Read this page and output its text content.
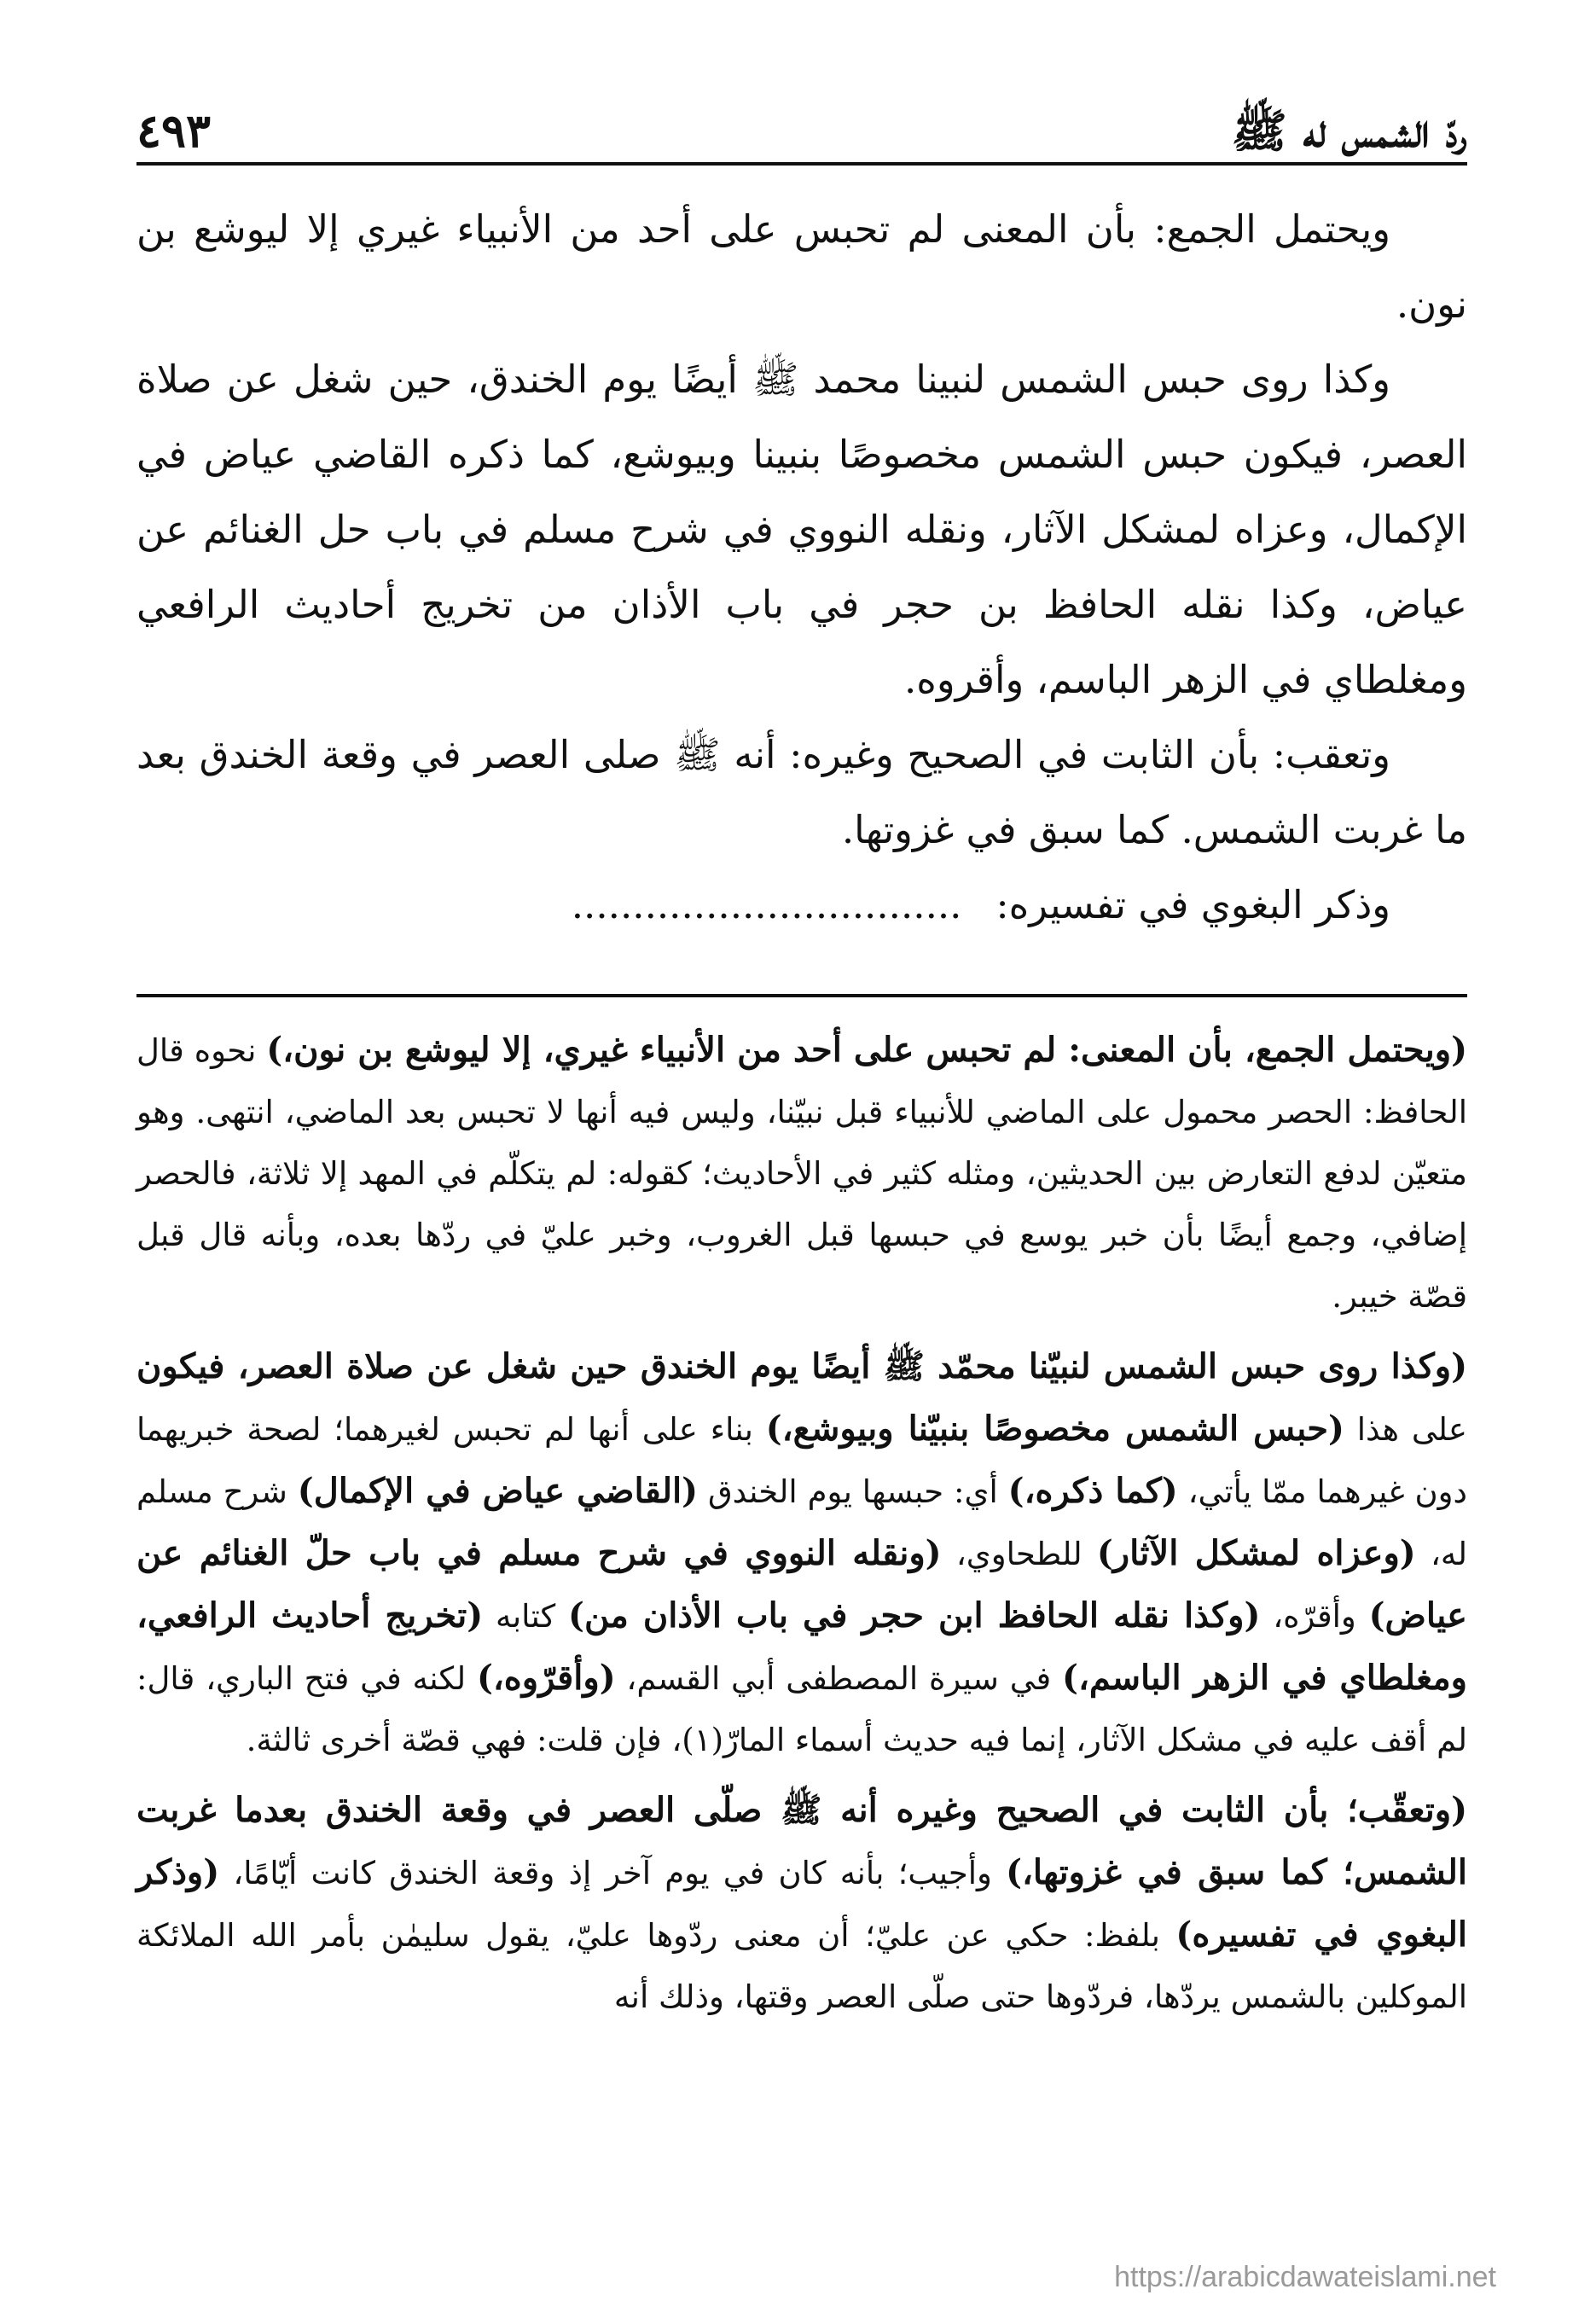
ردّ الشمس له ﷺ
٤٩٣

ويحتمل الجمع: بأن المعنى لم تحبس على أحد من الأنبياء غيري إلا ليوشع بن نون.

وكذا روى حبس الشمس لنبينا محمد ﷺ أيضًا يوم الخندق، حين شغل عن صلاة العصر، فيكون حبس الشمس مخصوصًا بنبينا وبيوشع، كما ذكره القاضي عياض في الإكمال، وعزاه لمشكل الآثار، ونقله النووي في شرح مسلم في باب حل الغنائم عن عياض، وكذا نقله الحافظ بن حجر في باب الأذان من تخريج أحاديث الرافعي ومغلطاي في الزهر الباسم، وأقروه.

وتعقب: بأن الثابت في الصحيح وغيره: أنه ﷺ صلى العصر في وقعة الخندق بعد ما غربت الشمس. كما سبق في غزوتها.

وذكر البغوي في تفسيره:................................

(ويحتمل الجمع، بأن المعنى: لم تحبس على أحد من الأنبياء غيري، إلا ليوشع بن نون،) نحوه قال الحافظ: الحصر محمول على الماضي للأنبياء قبل نبيّنا، وليس فيه أنها لا تحبس بعد الماضي، انتهى. وهو متعيّن لدفع التعارض بين الحديثين، ومثله كثير في الأحاديث؛ كقوله: لم يتكلّم في المهد إلا ثلاثة، فالحصر إضافي، وجمع أيضًا بأن خبر يوسع في حبسها قبل الغروب، وخبر عليّ في ردّها بعده، وبأنه قال قبل قصّة خيبر.

(وكذا روى حبس الشمس لنبيّنا محمّد ﷺ أيضًا يوم الخندق حين شغل عن صلاة العصر، فيكون على هذا (حبس الشمس مخصوصًا بنبيّنا وبيوشع،) بناء على أنها لم تحبس لغيرهما؛ لصحة خبريهما دون غيرهما ممّا يأتي، (كما ذكره،) أي: حبسها يوم الخندق (القاضي عياض في الإكمال) شرح مسلم له، (وعزاه لمشكل الآثار) للطحاوي، (ونقله النووي في شرح مسلم في باب حلّ الغنائم عن عياض) وأقرّه، (وكذا نقله الحافظ ابن حجر في باب الأذان من) كتابه (تخريج أحاديث الرافعي، ومغلطاي في الزهر الباسم،) في سيرة المصطفى أبي القسم، (وأقرّوه،) لكنه في فتح الباري، قال: لم أقف عليه في مشكل الآثار، إنما فيه حديث أسماء المارّ(١)، فإن قلت: فهي قصّة أخرى ثالثة.

(وتعقّب؛ بأن الثابت في الصحيح وغيره أنه ﷺ صلّى العصر في وقعة الخندق بعدما غربت الشمس؛ كما سبق في غزوتها،) وأجيب؛ بأنه كان في يوم آخر إذ وقعة الخندق كانت أيّامًا، (وذكر البغوي في تفسيره) بلفظ: حكي عن عليّ؛ أن معنى ردّوها عليّ، يقول سليمٰن بأمر الله الملائكة الموكلين بالشمس يردّها، فردّوها حتى صلّى العصر وقتها، وذلك أنه

https://arabicdawateislami.net
